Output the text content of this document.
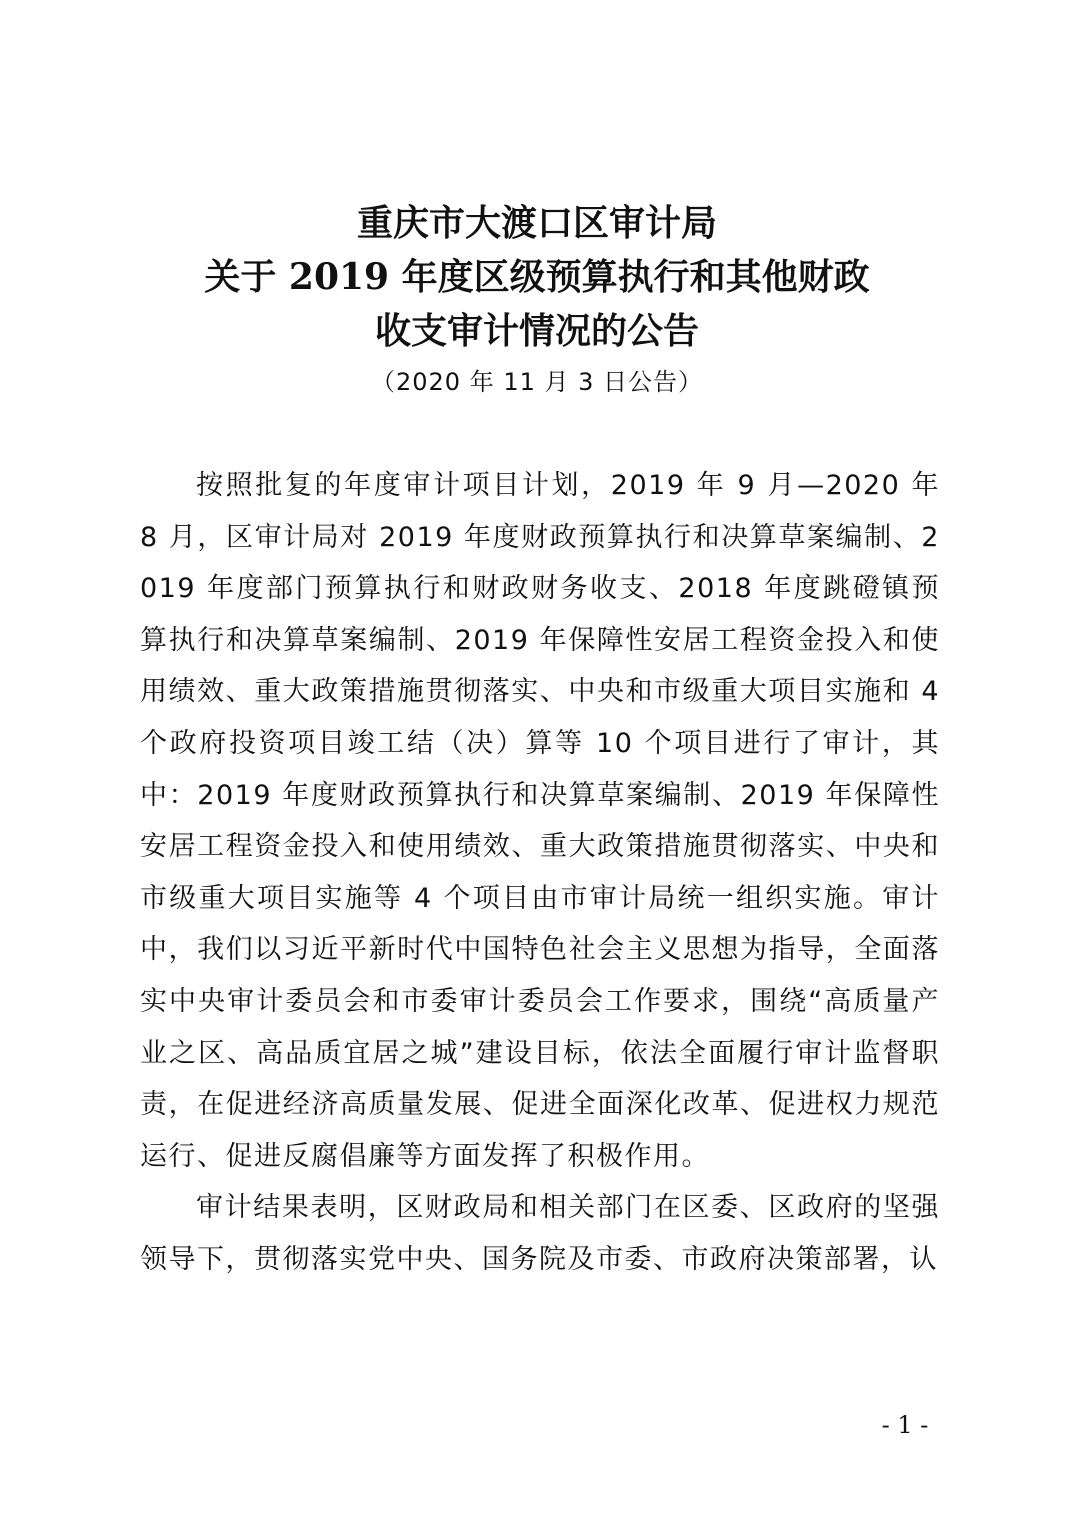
重庆市大渡口区审计局
关于 2019 年度区级预算执行和其他财政
收支审计情况的公告
（2020 年 11 月 3 日公告）

按照批复的年度审计项目计划，2019 年 9 月—2020 年 8 月，区审计局对 2019 年度财政预算执行和决算草案编制、2019 年度部门预算执行和财政财务收支、2018 年度跳磴镇预算执行和决算草案编制、2019 年保障性安居工程资金投入和使用绩效、重大政策措施贯彻落实、中央和市级重大项目实施和 4 个政府投资项目竣工结（决）算等 10 个项目进行了审计，其中：2019 年度财政预算执行和决算草案编制、2019 年保障性安居工程资金投入和使用绩效、重大政策措施贯彻落实、中央和市级重大项目实施等 4 个项目由市审计局统一组织实施。审计中，我们以习近平新时代中国特色社会主义思想为指导，全面落实中央审计委员会和市委审计委员会工作要求，围绕“高质量产业之区、高品质宜居之城”建设目标，依法全面履行审计监督职责，在促进经济高质量发展、促进全面深化改革、促进权力规范运行、促进反腐倡廉等方面发挥了积极作用。

审计结果表明，区财政局和相关部门在区委、区政府的坚强领导下，贯彻落实党中央、国务院及市委、市政府决策部署，认

- 1 -
